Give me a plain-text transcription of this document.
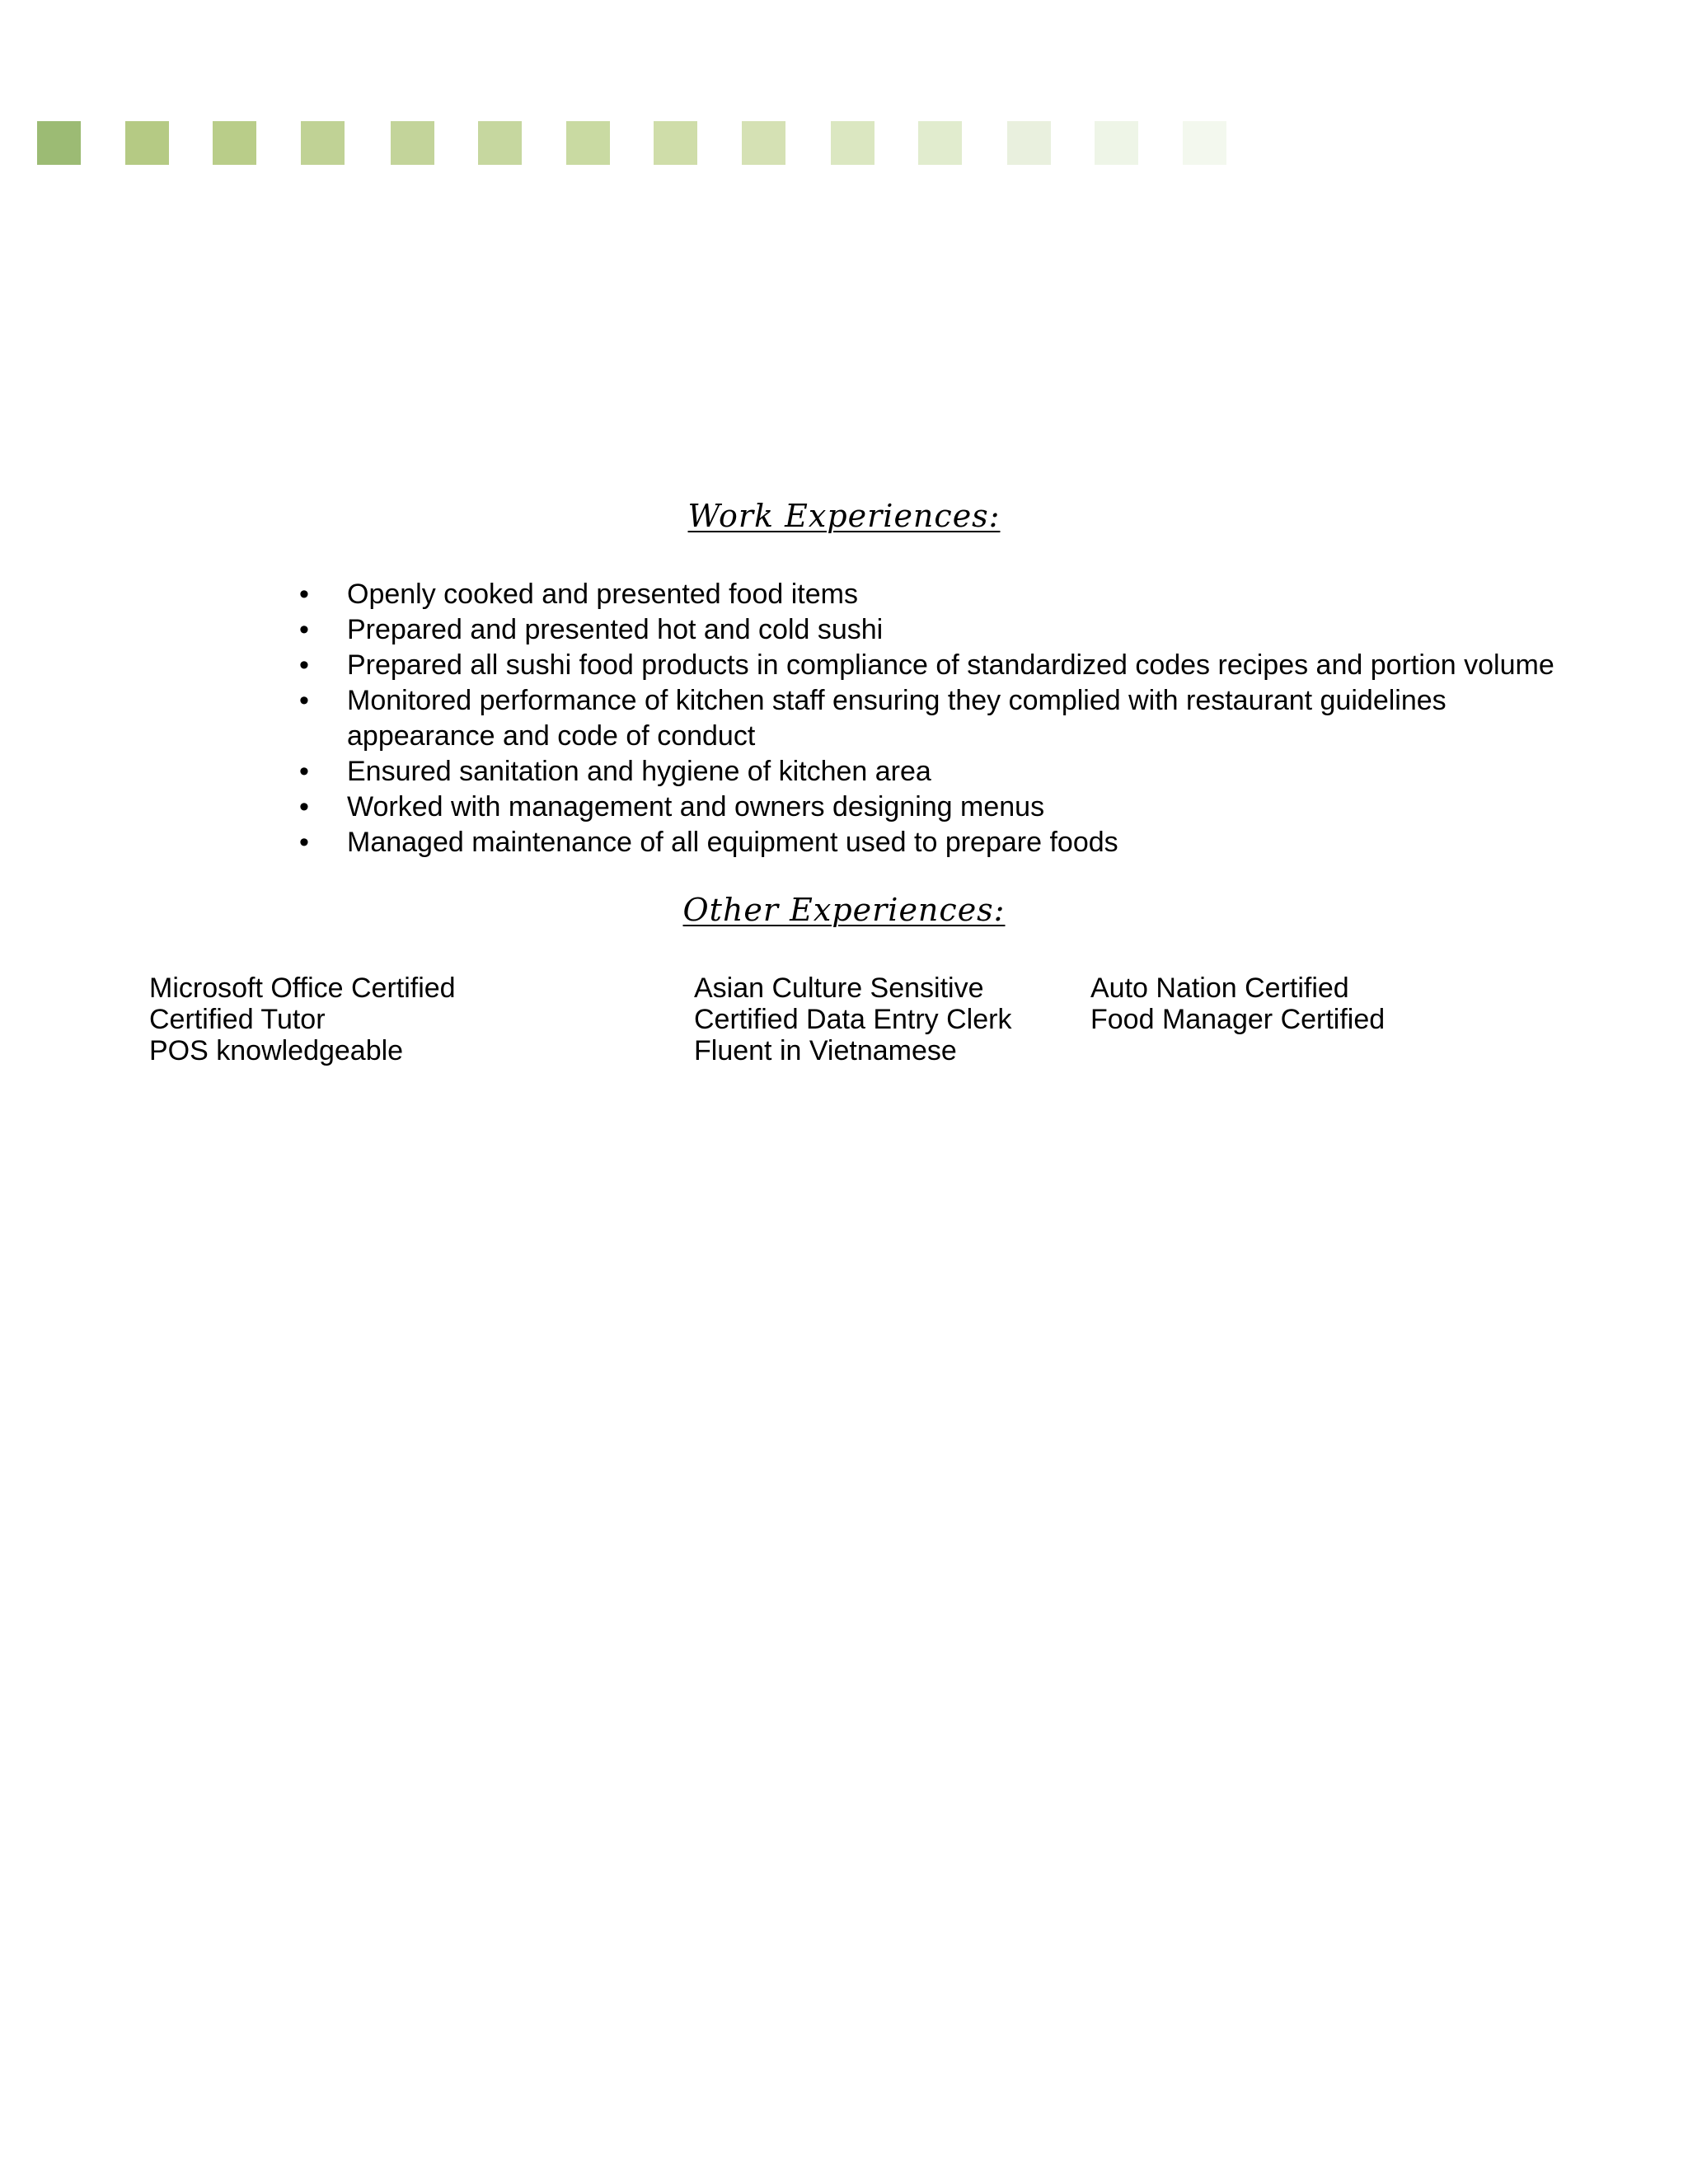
Work Experiences:
• Openly cooked and presented food items
• Prepared and presented hot and cold sushi
• Prepared all sushi food products in compliance of standardized codes recipes and portion volume
• Monitored performance of kitchen staff ensuring they complied with restaurant guidelines appearance and code of conduct
• Ensured sanitation and hygiene of kitchen area
• Worked with management and owners designing menus
• Managed maintenance of all equipment used to prepare foods
Other Experiences:
Microsoft Office Certified
Certified Tutor
POS knowledgeable
Asian Culture Sensitive
Certified Data Entry Clerk
Fluent in Vietnamese
Auto Nation Certified
Food Manager Certified
